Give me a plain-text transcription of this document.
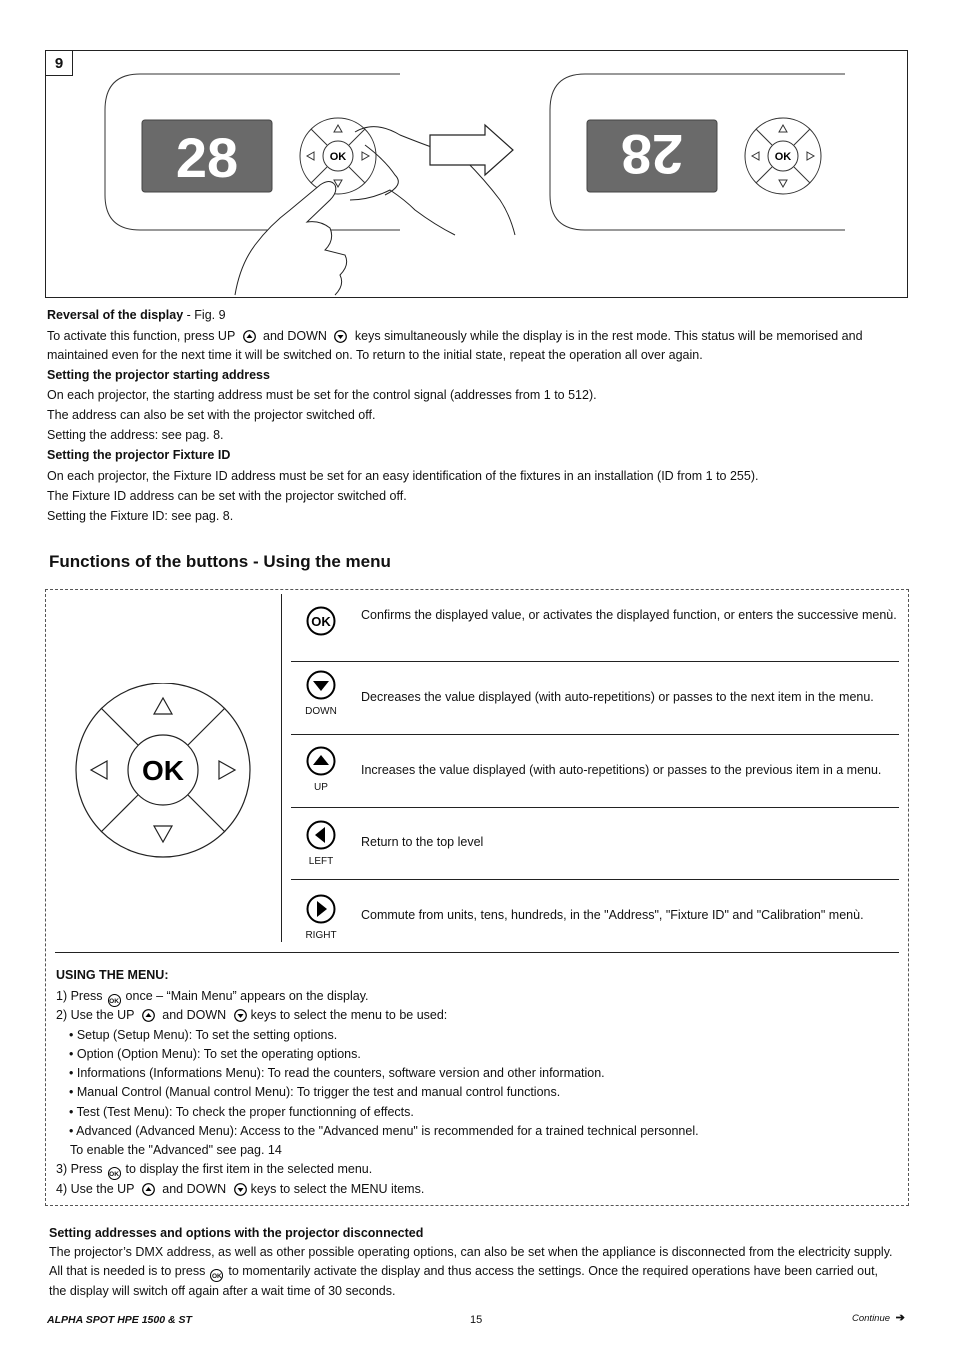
9
28	OK	28	OK
Reversal of the display - Fig. 9
To activate this function, press UP and DOWN keys simultaneously while the display is in the rest mode. This status will be memorised and
maintained even for the next time it will be switched on. To return to the initial state, repeat the operation all over again.
Setting the projector starting address
On each projector, the starting address must be set for the control signal (addresses from 1 to 512).
The address can also be set with the projector switched off.
Setting the address: see pag. 8.
Setting the projector Fixture ID
On each projector, the Fixture ID address must be set for an easy identification of the fixtures in an installation (ID from 1 to 255).
The Fixture ID address can be set with the projector switched off.
Setting the Fixture ID: see pag. 8.
Functions of the buttons - Using the menu
OK
OK Confirms the displayed value, or activates the displayed function, or enters the successive menù.
DOWN
Decreases the value displayed (with auto-repetitions) or passes to the next item in the menu.
UP
Increases the value displayed (with auto-repetitions) or passes to the previous item in a menu.
LEFT
Return to the top level
RIGHT
Commute from units, tens, hundreds, in the "Address", "Fixture ID" and "Calibration" menù.
USING THE MENU:
1) Press OK once – “Main Menu” appears on the display.
2) Use the UP and DOWN keys to select the menu to be used:
• Setup (Setup Menu): To set the setting options.
• Option (Option Menu): To set the operating options.
• Informations (Informations Menu): To read the counters, software version and other information.
• Manual Control (Manual control Menu): To trigger the test and manual control functions.
• Test (Test Menu): To check the proper functionning of effects.
• Advanced (Advanced Menu): Access to the "Advanced menu" is recommended for a trained technical personnel.
To enable the "Advanced" see pag. 14
3) Press OK to display the first item in the selected menu.
4) Use the UP and DOWN keys to select the MENU items.
Setting addresses and options with the projector disconnected
The projector’s DMX address, as well as other possible operating options, can also be set when the appliance is disconnected from the electricity supply.
All that is needed is to press OK to momentarily activate the display and thus access the settings. Once the required operations have been carried out,
the display will switch off again after a wait time of 30 seconds.
ALPHA SPOT HPE 1500 & ST	15	Continue ➔
